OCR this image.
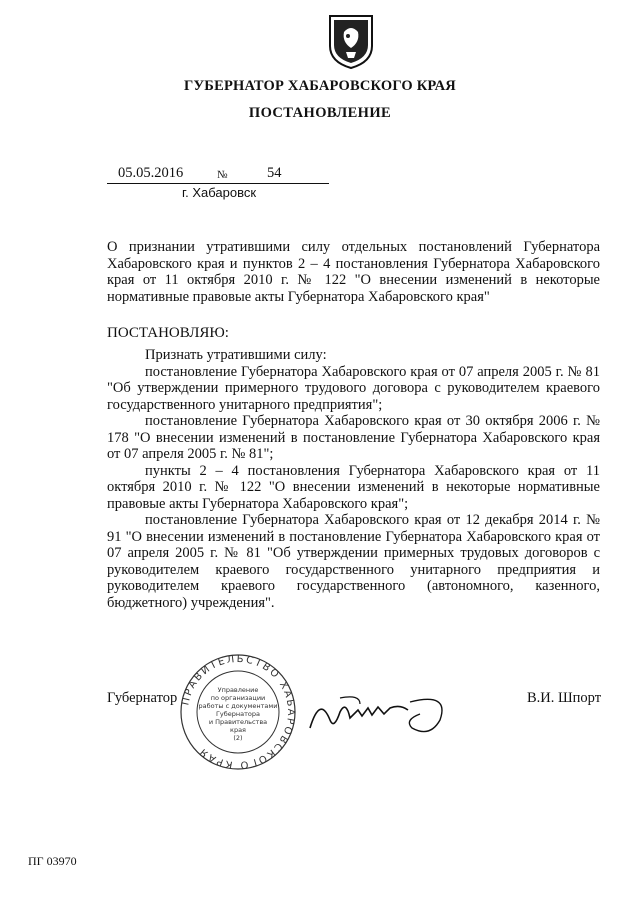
ГУБЕРНАТОР ХАБАРОВСКОГО КРАЯ
ПОСТАНОВЛЕНИЕ
05.05.2016	№	54
г. Хабаровск
О признании утратившими силу отдельных постановлений Губернатора Хабаровского края и пунктов 2 – 4 постановления Губернатора Хабаровского края от 11 октября 2010 г. № 122 "О внесении изменений в некоторые нормативные правовые акты Губернатора Хабаровского края"
ПОСТАНОВЛЯЮ:

Признать утратившими силу:

постановление Губернатора Хабаровского края от 07 апреля 2005 г. № 81 "Об утверждении примерного трудового договора с руководителем краевого государственного унитарного предприятия";

постановление Губернатора Хабаровского края от 30 октября 2006 г. № 178 "О внесении изменений в постановление Губернатора Хабаровского края от 07 апреля 2005 г. № 81";

пункты 2 – 4 постановления Губернатора Хабаровского края от 11 октября 2010 г. № 122 "О внесении изменений в некоторые нормативные правовые акты Губернатора Хабаровского края";

постановление Губернатора Хабаровского края от 12 декабря 2014 г. № 91 "О внесении изменений в постановление Губернатора Хабаровского края от 07 апреля 2005 г. № 81 "Об утверждении примерных трудовых договоров с руководителем краевого государственного унитарного предприятия и руководителем краевого государственного (автономного, казенного, бюджетного) учреждения".

Губернатор ПРАВИТЕЛЬСТВО ХАБАРОВСКОГО КРАЯ
Управление
по организации
работы с документами
Губернатора
и Правительства
края
(2)
В.И. Шпорт
ПГ 03970
